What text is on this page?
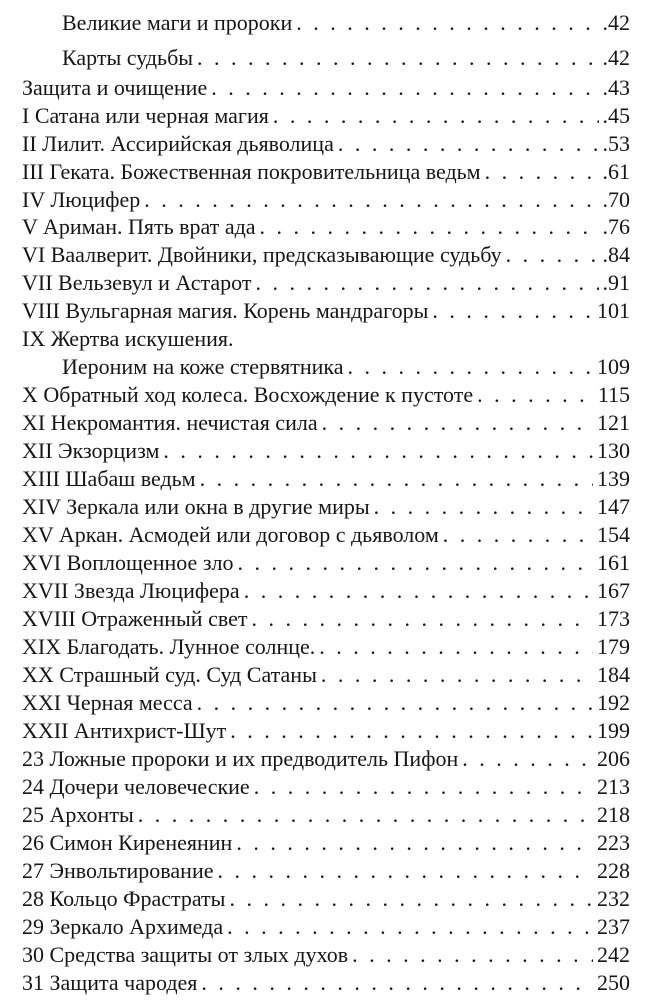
Великие маги и пророки . . .	.42
Карты судьбы . . .	.42
Защита и очищение . . .	.43
I Сатана или черная магия . . .	.45
II Лилит. Ассирийская дьяволица . . .	.53
III Геката. Божественная покровительница ведьм . . .	.61
IV Люцифер . . .	.70
V Ариман. Пять врат ада . . .	.76
VI Ваалверит. Двойники, предсказывающие судьбу . . .	.84
VII Вельзевул и Астарот . . .	.91
VIII Вульгарная магия. Корень мандрагоры . . .	101
IX Жертва искушения.
Иероним на коже стервятника . . .	109
X Обратный ход колеса. Восхождение к пустоте . . .	115
XI Некромантия. нечистая сила . . .	121
XII Экзорцизм . . .	130
XIII Шабаш ведьм . . .	139
XIV Зеркала или окна в другие миры . . .	147
XV Аркан. Асмодей или договор с дьяволом . . .	154
XVI Воплощенное зло . . .	161
XVII Звезда Люцифера . . .	167
XVIII Отраженный свет . . .	173
XIX Благодать. Лунное солнце. . . .	179
XX Страшный суд. Суд Сатаны . . .	184
XXI Черная месса . . .	192
XXII Антихрист-Шут . . .	199
23 Ложные пророки и их предводитель Пифон . . .	206
24 Дочери человеческие . . .	213
25 Архонты . . .	218
26 Симон Киренеянин . . .	223
27 Энвольтирование . . .	228
28 Кольцо Фрастраты . . .	232
29 Зеркало Архимеда . . .	237
30 Средства защиты от злых духов . . .	242
31 Защита чародея . . .	250
